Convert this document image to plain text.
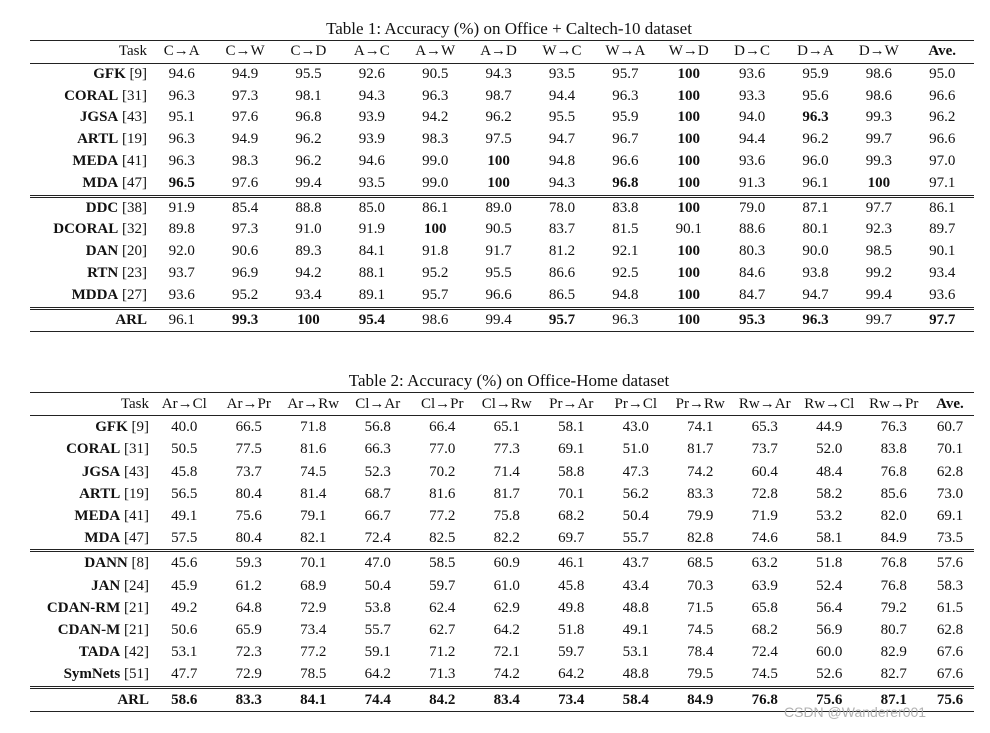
Table 1: Accuracy (%) on Office + Caltech-10 dataset
Task	C→A	C→W	C→D	A→C	A→W	A→D	W→C	W→A	W→D	D→C	D→A	D→W	Ave.
GFK [9]	94.6	94.9	95.5	92.6	90.5	94.3	93.5	95.7	100	93.6	95.9	98.6	95.0
CORAL [31]	96.3	97.3	98.1	94.3	96.3	98.7	94.4	96.3	100	93.3	95.6	98.6	96.6
JGSA [43]	95.1	97.6	96.8	93.9	94.2	96.2	95.5	95.9	100	94.0	96.3	99.3	96.2
ARTL [19]	96.3	94.9	96.2	93.9	98.3	97.5	94.7	96.7	100	94.4	96.2	99.7	96.6
MEDA [41]	96.3	98.3	96.2	94.6	99.0	100	94.8	96.6	100	93.6	96.0	99.3	97.0
MDA [47]	96.5	97.6	99.4	93.5	99.0	100	94.3	96.8	100	91.3	96.1	100	97.1
DDC [38]	91.9	85.4	88.8	85.0	86.1	89.0	78.0	83.8	100	79.0	87.1	97.7	86.1
DCORAL [32]	89.8	97.3	91.0	91.9	100	90.5	83.7	81.5	90.1	88.6	80.1	92.3	89.7
DAN [20]	92.0	90.6	89.3	84.1	91.8	91.7	81.2	92.1	100	80.3	90.0	98.5	90.1
RTN [23]	93.7	96.9	94.2	88.1	95.2	95.5	86.6	92.5	100	84.6	93.8	99.2	93.4
MDDA [27]	93.6	95.2	93.4	89.1	95.7	96.6	86.5	94.8	100	84.7	94.7	99.4	93.6
ARL	96.1	99.3	100	95.4	98.6	99.4	95.7	96.3	100	95.3	96.3	99.7	97.7
Table 2: Accuracy (%) on Office-Home dataset
Task	Ar→Cl	Ar→Pr	Ar→Rw	Cl→Ar	Cl→Pr	Cl→Rw	Pr→Ar	Pr→Cl	Pr→Rw	Rw→Ar	Rw→Cl	Rw→Pr	Ave.
GFK [9]	40.0	66.5	71.8	56.8	66.4	65.1	58.1	43.0	74.1	65.3	44.9	76.3	60.7
CORAL [31]	50.5	77.5	81.6	66.3	77.0	77.3	69.1	51.0	81.7	73.7	52.0	83.8	70.1
JGSA [43]	45.8	73.7	74.5	52.3	70.2	71.4	58.8	47.3	74.2	60.4	48.4	76.8	62.8
ARTL [19]	56.5	80.4	81.4	68.7	81.6	81.7	70.1	56.2	83.3	72.8	58.2	85.6	73.0
MEDA [41]	49.1	75.6	79.1	66.7	77.2	75.8	68.2	50.4	79.9	71.9	53.2	82.0	69.1
MDA [47]	57.5	80.4	82.1	72.4	82.5	82.2	69.7	55.7	82.8	74.6	58.1	84.9	73.5
DANN [8]	45.6	59.3	70.1	47.0	58.5	60.9	46.1	43.7	68.5	63.2	51.8	76.8	57.6
JAN [24]	45.9	61.2	68.9	50.4	59.7	61.0	45.8	43.4	70.3	63.9	52.4	76.8	58.3
CDAN-RM [21]	49.2	64.8	72.9	53.8	62.4	62.9	49.8	48.8	71.5	65.8	56.4	79.2	61.5
CDAN-M [21]	50.6	65.9	73.4	55.7	62.7	64.2	51.8	49.1	74.5	68.2	56.9	80.7	62.8
TADA [42]	53.1	72.3	77.2	59.1	71.2	72.1	59.7	53.1	78.4	72.4	60.0	82.9	67.6
SymNets [51]	47.7	72.9	78.5	64.2	71.3	74.2	64.2	48.8	79.5	74.5	52.6	82.7	67.6
ARL	58.6	83.3	84.1	74.4	84.2	83.4	73.4	58.4	84.9	76.8	75.6	87.1	75.6
CSDN @Wanderer001
